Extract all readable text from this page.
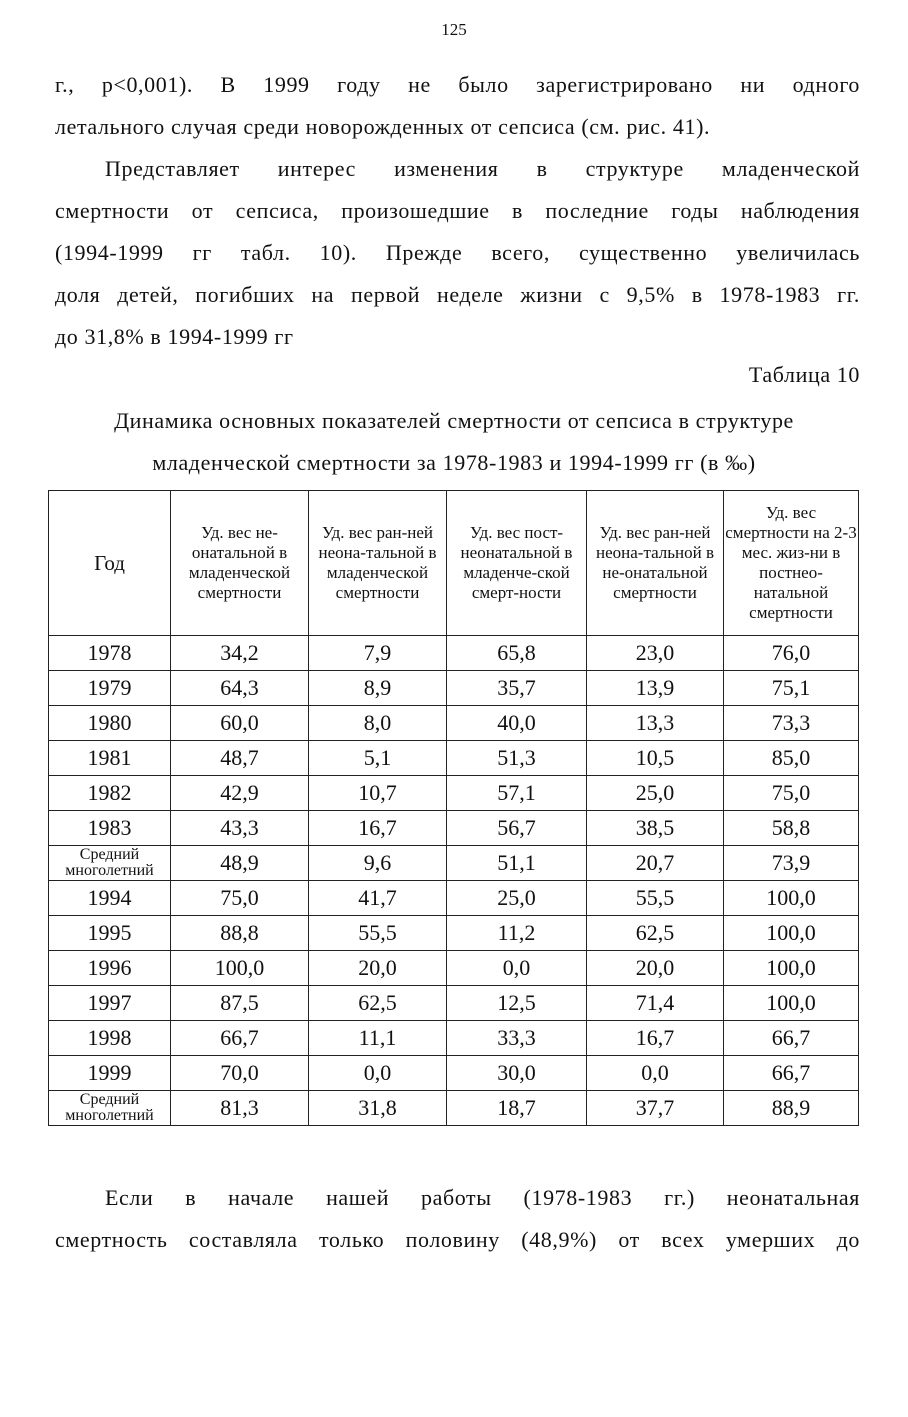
125
г., р<0,001). В 1999 году не было зарегистрировано ни одного
летального случая среди новорожденных от сепсиса (см. рис. 41).
Представляет интерес изменения в структуре младенческой
смертности от сепсиса, произошедшие в последние годы наблюдения
(1994-1999 гг табл. 10). Прежде всего, существенно увеличилась
доля детей, погибших на первой неделе жизни с 9,5% в 1978-1983 гг.
до 31,8% в 1994-1999 гг
Таблица 10
Динамика основных показателей смертности от сепсиса в структуре
младенческой смертности за 1978-1983 и 1994-1999 гг (в ‰)
Год	Уд. вес не-онатальной в младенческой смертности	Уд. вес ран-ней неона-тальной в младенческой смертности	Уд. вес пост-неонатальной в младенче-ской смерт-ности	Уд. вес ран-ней неона-тальной в не-онатальной смертности	Уд. вес смертности на 2-3 мес. жиз-ни в постнео-натальной смертности
1978	34,2	7,9	65,8	23,0	76,0
1979	64,3	8,9	35,7	13,9	75,1
1980	60,0	8,0	40,0	13,3	73,3
1981	48,7	5,1	51,3	10,5	85,0
1982	42,9	10,7	57,1	25,0	75,0
1983	43,3	16,7	56,7	38,5	58,8
Средний многолетний	48,9	9,6	51,1	20,7	73,9
1994	75,0	41,7	25,0	55,5	100,0
1995	88,8	55,5	11,2	62,5	100,0
1996	100,0	20,0	0,0	20,0	100,0
1997	87,5	62,5	12,5	71,4	100,0
1998	66,7	11,1	33,3	16,7	66,7
1999	70,0	0,0	30,0	0,0	66,7
Средний многолетний	81,3	31,8	18,7	37,7	88,9
Если в начале нашей работы (1978-1983 гг.) неонатальная
смертность составляла только половину (48,9%) от всех умерших до
